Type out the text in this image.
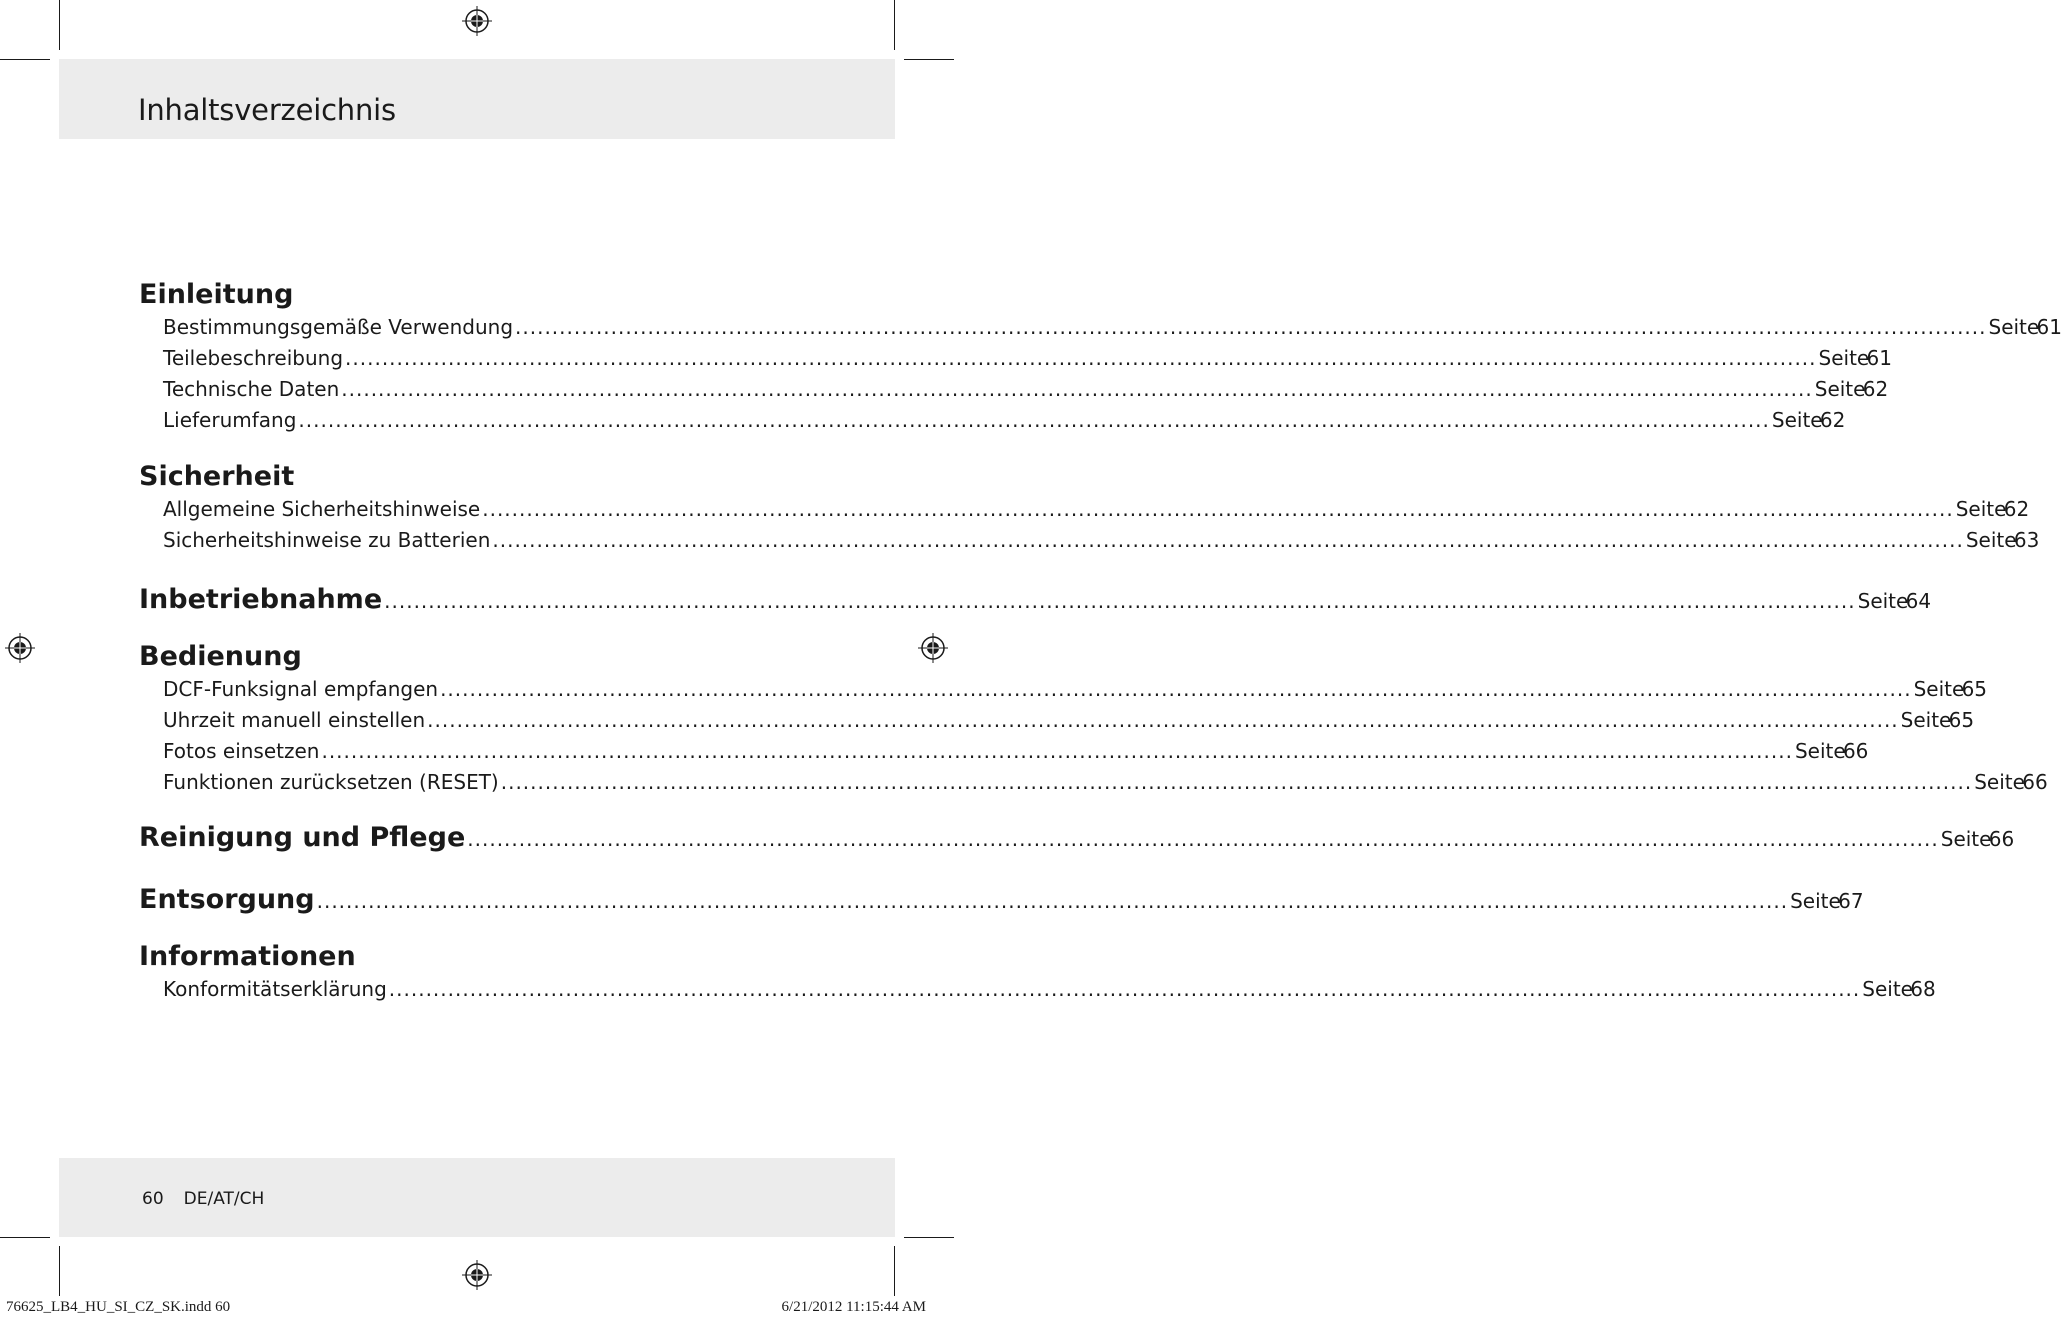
Inhaltsverzeichnis
Einleitung
Bestimmungsgemäße Verwendung ........................................................................................................................................................................................................ Seite
61
Teilebeschreibung ........................................................................................................................................................................................................ Seite
61
Technische Daten ........................................................................................................................................................................................................ Seite
62
Lieferumfang ........................................................................................................................................................................................................ Seite
62
Sicherheit
Allgemeine Sicherheitshinweise ........................................................................................................................................................................................................ Seite
62
Sicherheitshinweise zu Batterien ........................................................................................................................................................................................................ Seite
63
Inbetriebnahme ........................................................................................................................................................................................................ Seite
64
Bedienung
DCF-Funksignal empfangen ........................................................................................................................................................................................................ Seite
65
Uhrzeit manuell einstellen ........................................................................................................................................................................................................ Seite
65
Fotos einsetzen ........................................................................................................................................................................................................ Seite
66
Funktionen zurücksetzen (RESET) ........................................................................................................................................................................................................ Seite
66
Reinigung und Pflege ........................................................................................................................................................................................................ Seite
66
Entsorgung ........................................................................................................................................................................................................ Seite
67
Informationen
Konformitätserklärung ........................................................................................................................................................................................................ Seite
68
60 DE/AT/CH
76625_LB4_HU_SI_CZ_SK.indd 60	6/21/2012 11:15:44 AM
